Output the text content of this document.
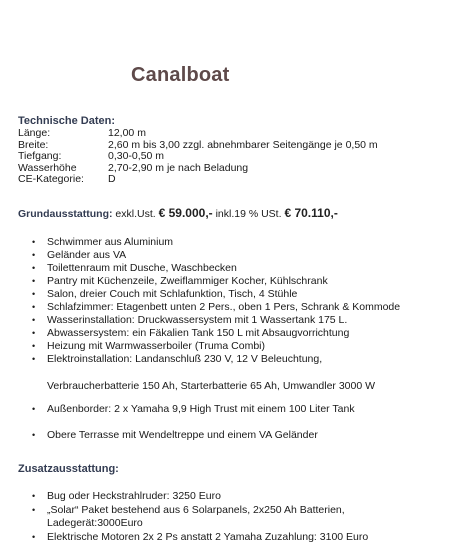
Canalboat
Technische Daten:
Länge:	12,00 m
Breite:	2,60 m bis 3,00 zzgl. abnehmbarer Seitengänge je 0,50 m
Tiefgang:	0,30-0,50 m
Wasserhöhe	2,70-2,90 m je nach Beladung
CE-Kategorie:	D
Grundausstattung: exkl.Ust. € 59.000,- inkl.19 % USt. € 70.110,-
• Schwimmer aus Aluminium
• Geländer aus VA
• Toilettenraum mit Dusche, Waschbecken
• Pantry mit Küchenzeile, Zweiflammiger Kocher, Kühlschrank
• Salon, dreier Couch mit Schlafunktion, Tisch, 4 Stühle
• Schlafzimmer: Etagenbett unten 2 Pers., oben 1 Pers, Schrank & Kommode
• Wasserinstallation: Druckwassersystem mit 1 Wassertank 175 L.
• Abwassersystem: ein Fäkalien Tank 150 L mit Absaugvorrichtung
• Heizung mit Warmwasserboiler (Truma Combi)
• Elektroinstallation: Landanschluß 230 V, 12 V Beleuchtung,
Verbraucherbatterie 150 Ah, Starterbatterie 65 Ah, Umwandler 3000 W
• Außenborder: 2 x Yamaha 9,9 High Trust mit einem 100 Liter Tank
• Obere Terrasse mit Wendeltreppe und einem VA Geländer
Zusatzausstattung:
• Bug oder Heckstrahlruder: 3250 Euro
• „Solar“ Paket bestehend aus 6 Solarpanels, 2x250 Ah Batterien,
• Elektrische Motoren 2x 2 Ps anstatt 2 Yamaha Zuzahlung: 3100 Euro
Ladegerät:3000Euro
